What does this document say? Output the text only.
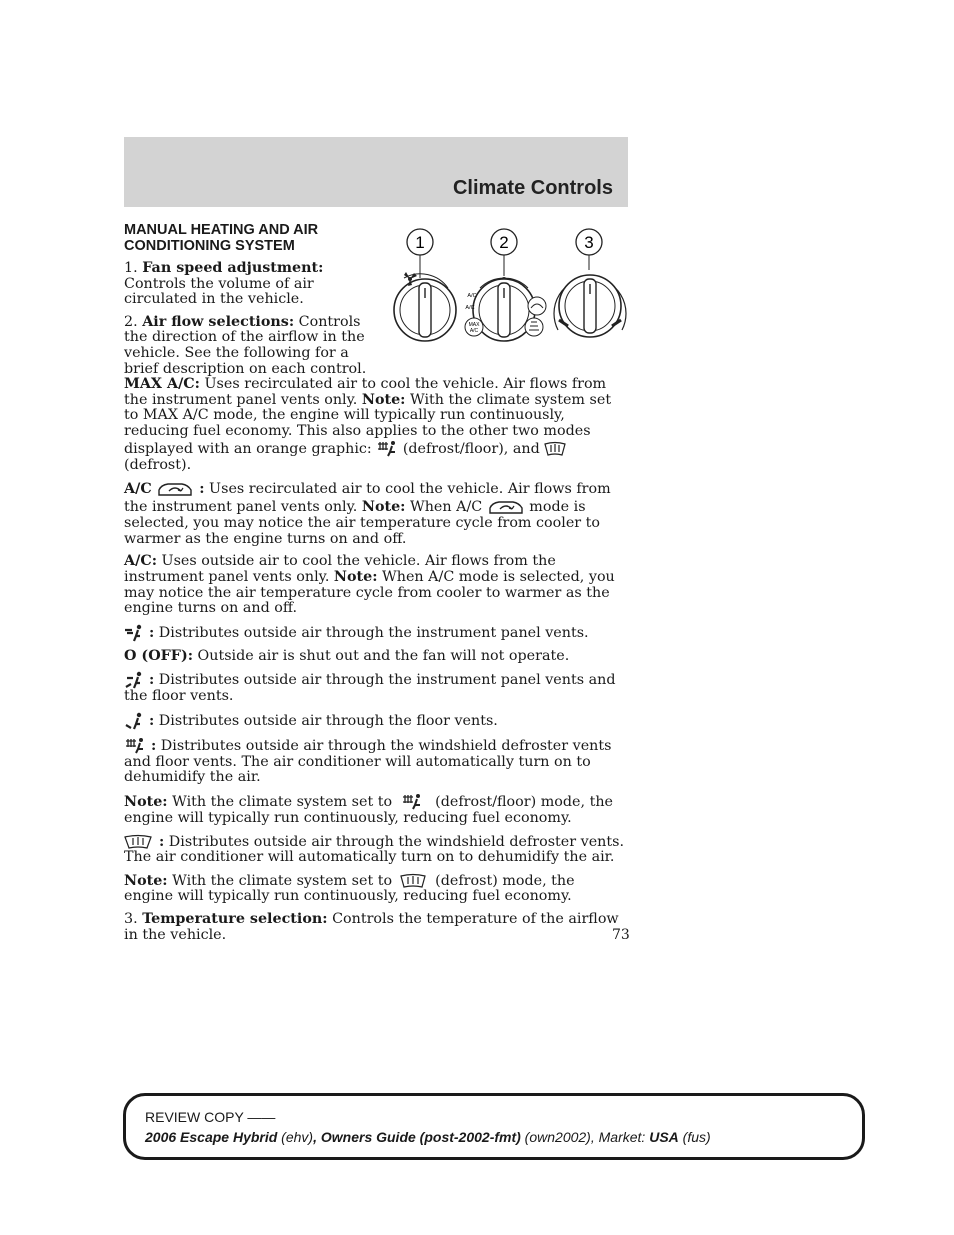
Climate Controls
1	2	3
A/C
A/C
MAX
A/C
MANUAL HEATING AND AIR CONDITIONING SYSTEM

1. Fan speed adjustment: Controls the volume of air circulated in the vehicle.

2. Air flow selections: Controls the direction of the airflow in the vehicle. See the following for a brief description on each control.

MAX A/C: Uses recirculated air to cool the vehicle. Air flows from the instrument panel vents only. Note: With the climate system set to MAX A/C mode, the engine will typically run continuously, reducing fuel economy. This also applies to the other two modes displayed with an orange graphic:  (defrost/floor), and  (defrost).

A/C	: Uses recirculated air to cool the vehicle. Air flows from the instrument panel vents only. Note: When A/C	mode is selected, you may notice the air temperature cycle from cooler to warmer as the engine turns on and off.

A/C: Uses outside air to cool the vehicle. Air flows from the instrument panel vents only. Note: When A/C mode is selected, you may notice the air temperature cycle from cooler to warmer as the engine turns on and off.

: Distributes outside air through the instrument panel vents.

O (OFF): Outside air is shut out and the fan will not operate.

: Distributes outside air through the instrument panel vents and the floor vents.

: Distributes outside air through the floor vents.

: Distributes outside air through the windshield defroster vents and floor vents. The air conditioner will automatically turn on to dehumidify the air.

Note: With the climate system set to  (defrost/floor) mode, the engine will typically run continuously, reducing fuel economy.

: Distributes outside air through the windshield defroster vents. The air conditioner will automatically turn on to dehumidify the air.

Note: With the climate system set to  (defrost) mode, the engine will typically run continuously, reducing fuel economy.

3. Temperature selection: Controls the temperature of the airflow in the vehicle.	73
REVIEW COPY ——
2006 Escape Hybrid (ehv), Owners Guide (post-2002-fmt) (own2002), Market: USA (fus)
